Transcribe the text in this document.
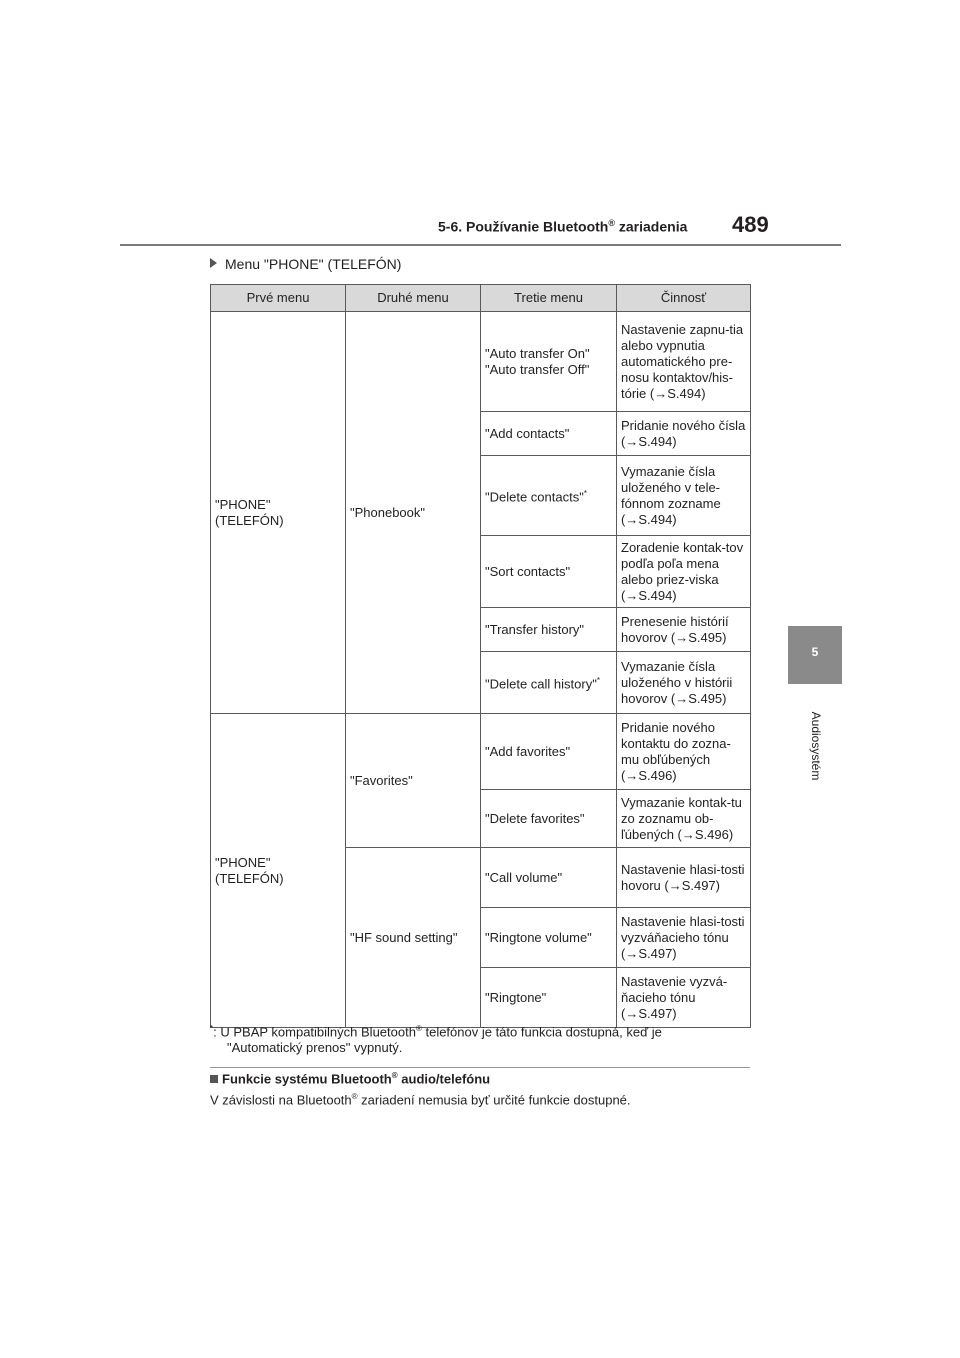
5-6. Používanie Bluetooth® zariadenia 489
5
Audiosystém
Menu "PHONE" (TELEFÓN)
Prvé menu	Druhé menu	Tretie menu	Činnosť
"PHONE" (TELEFÓN)	"Phonebook"	"Auto transfer On" "Auto transfer Off"	Nastavenie zapnu-tia alebo vypnutia automatického pre-nosu kontaktov/his-tórie (→S.494)
		"Add contacts"	Pridanie nového čísla (→S.494)
		"Delete contacts"*	Vymazanie čísla uloženého v tele-fónnom zozname (→S.494)
		"Sort contacts"	Zoradenie kontak-tov podľa poľa mena alebo priez-viska (→S.494)
		"Transfer history"	Prenesenie histórií hovorov (→S.495)
		"Delete call history"*	Vymazanie čísla uloženého v histórii hovorov (→S.495)
"PHONE" (TELEFÓN)	"Favorites"	"Add favorites"	Pridanie nového kontaktu do zozna-mu obľúbených (→S.496)
		"Delete favorites"	Vymazanie kontak-tu zo zoznamu ob-ľúbených (→S.496)
	"HF sound setting"	"Call volume"	Nastavenie hlasi-tosti hovoru (→S.497)
		"Ringtone volume"	Nastavenie hlasi-tosti vyzváňacieho tónu (→S.497)
		"Ringtone"	Nastavenie vyzvá-ňacieho tónu (→S.497)
*: U PBAP kompatibilných Bluetooth® telefónov je táto funkcia dostupná, keď je
"Automatický prenos" vypnutý.
Funkcie systému Bluetooth® audio/telefónu
V závislosti na Bluetooth® zariadení nemusia byť určité funkcie dostupné.
